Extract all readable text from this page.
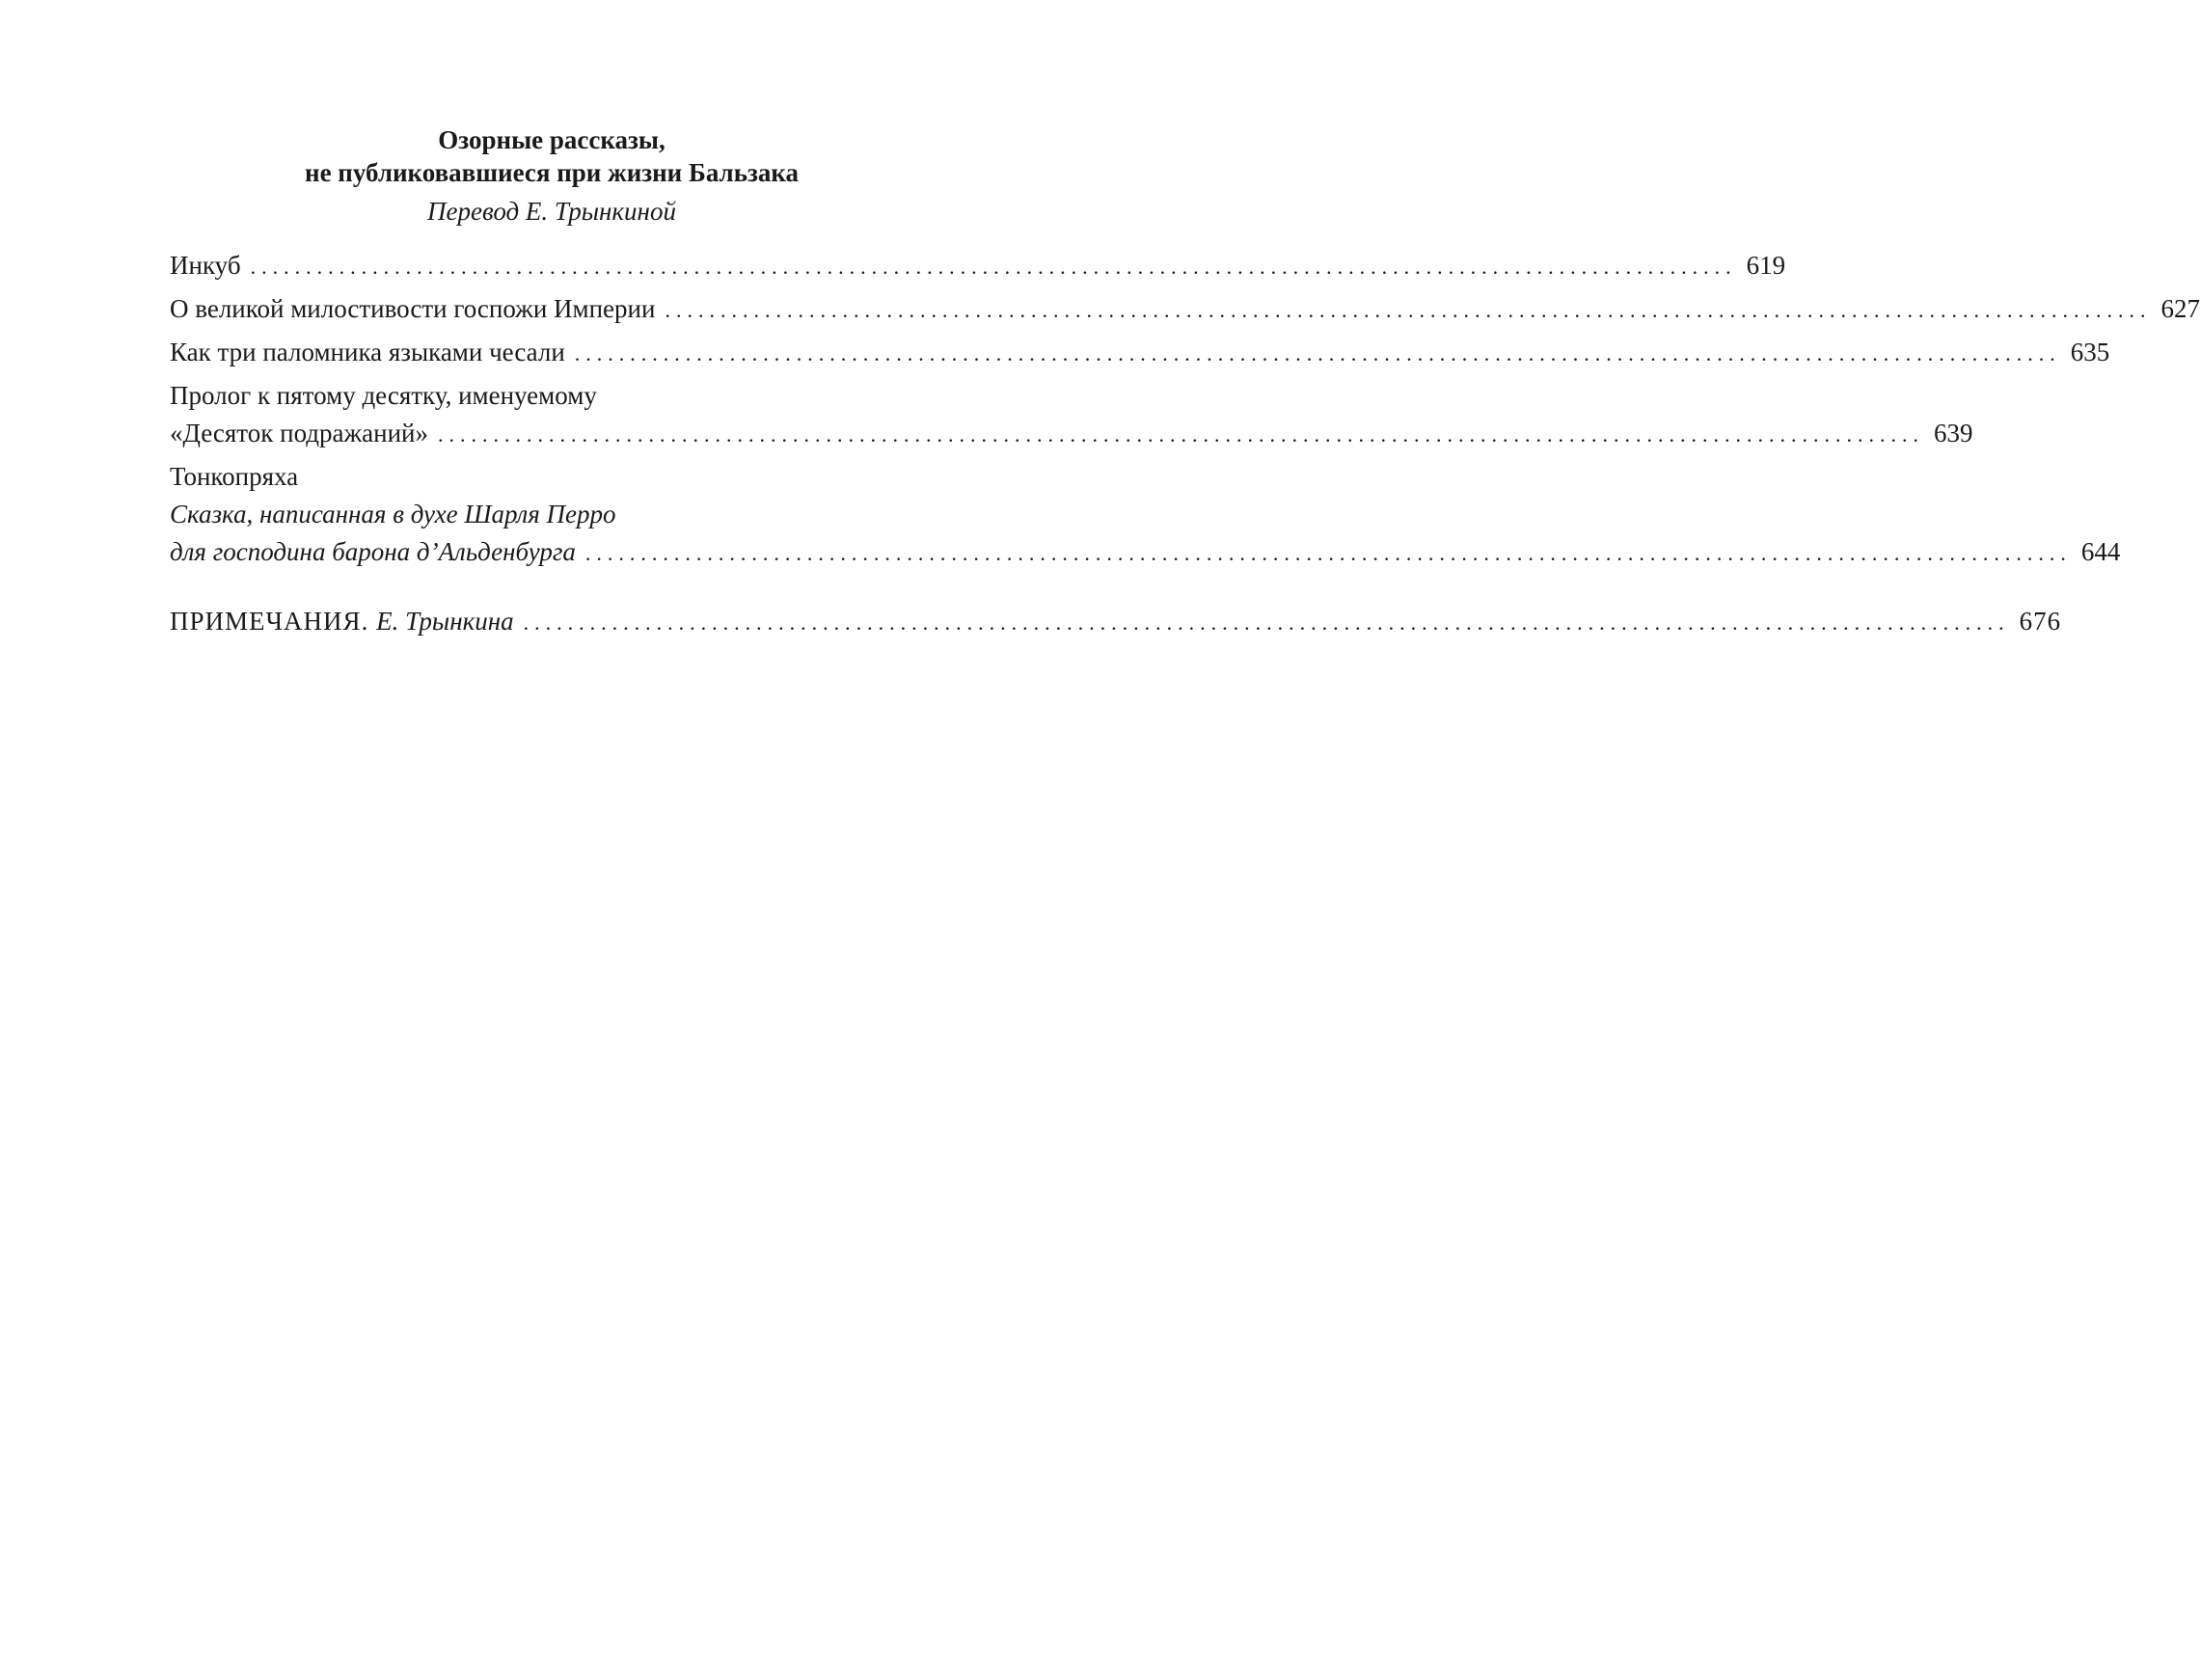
Озорные рассказы,

не публиковавшиеся при жизни Бальзака

Перевод Е. Трынкиной

Инкуб ...................................................................................................................................... 619
О великой милостивости госпожи Империи ...................................................................................................................................... 627
Как три паломника языками чесали ...................................................................................................................................... 635
Пролог к пятому десятку, именуемому
«Десяток подражаний» ...................................................................................................................................... 639
Тонкопряха
Сказка, написанная в духе Шарля Перро
для господина барона д’Альденбурга ...................................................................................................................................... 644
ПРИМЕЧАНИЯ. Е. Трынкина ...................................................................................................................................... 676
